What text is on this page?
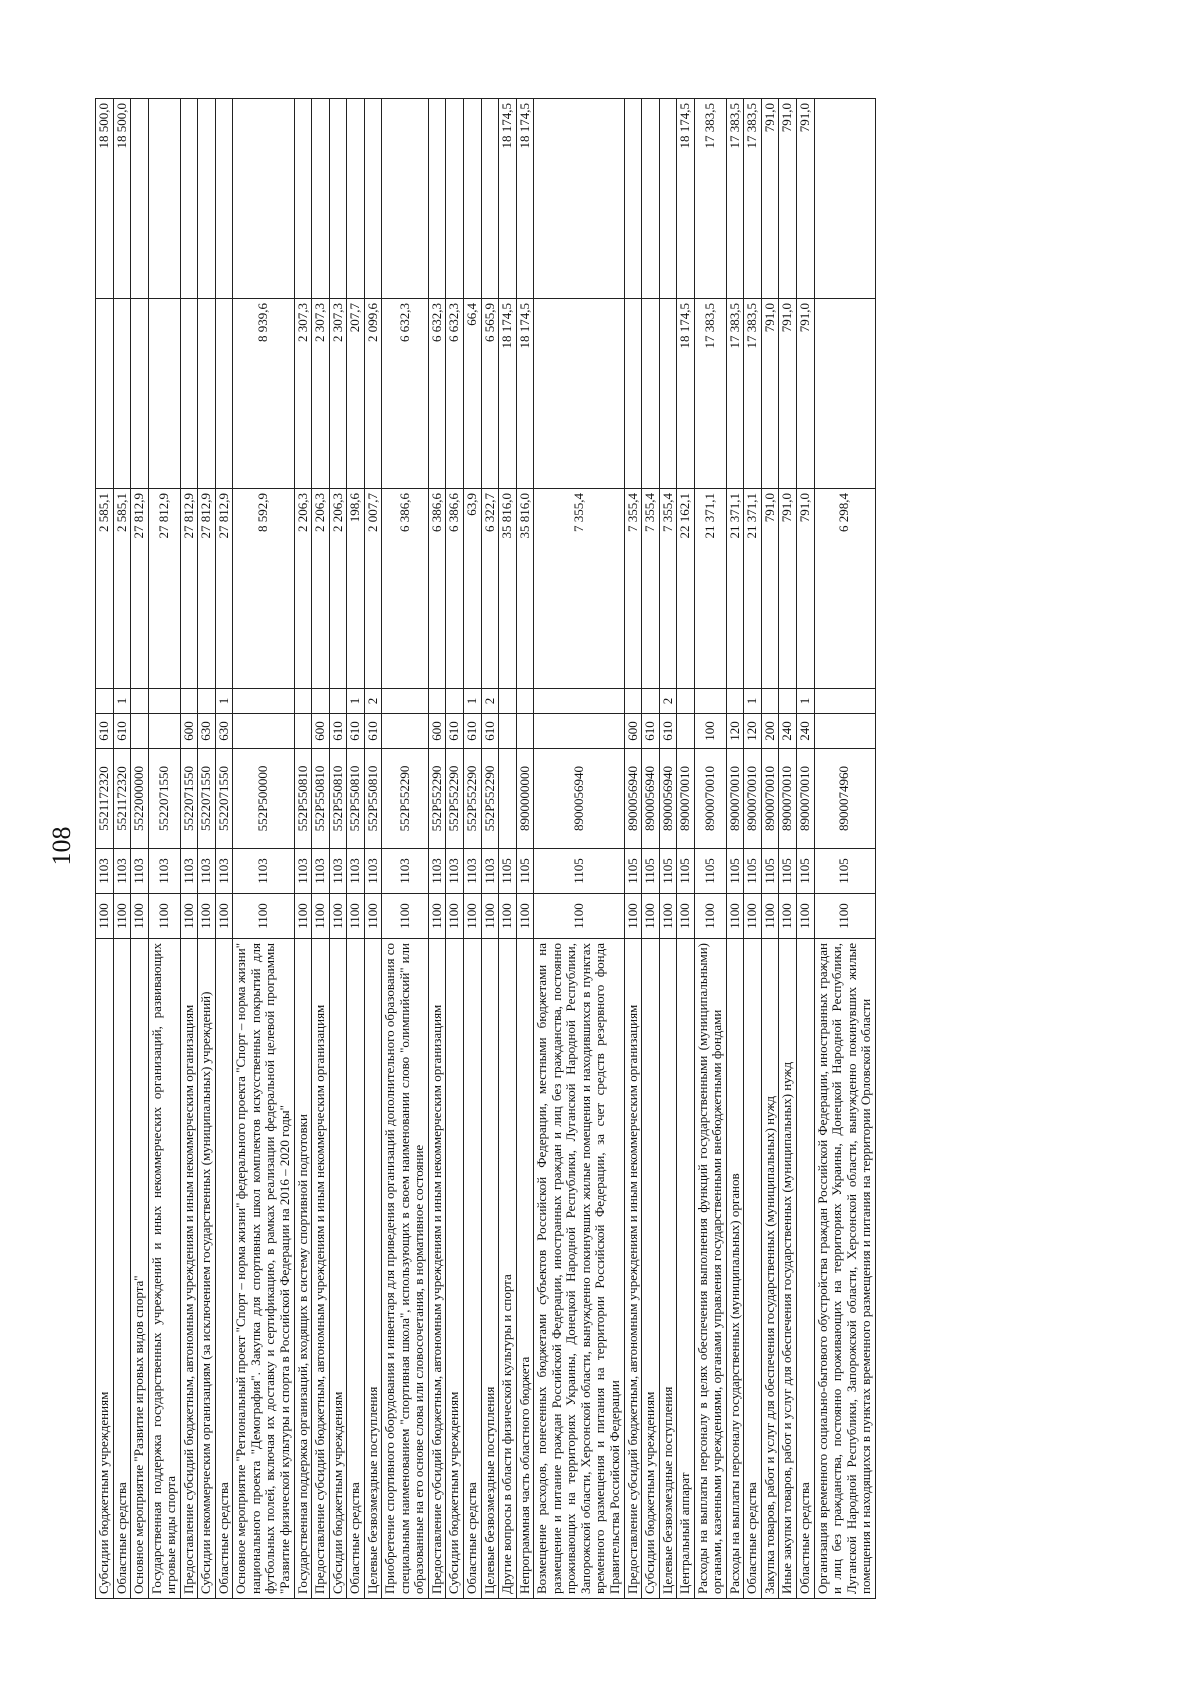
108
Субсидии бюджетным учреждениям	1100	1103	5521172320	610		2 585,1		18 500,0
Областные средства	1100	1103	5521172320	610	1	2 585,1		18 500,0
Основное мероприятие "Развитие игровых видов спорта"	1100	1103	5522000000			27 812,9		
Государственная поддержка государственных учреждений и иных некоммерческих организаций, развивающих игровые виды спорта	1100	1103	5522071550			27 812,9		
Предоставление субсидий бюджетным, автономным учреждениям и иным некоммерческим организациям	1100	1103	5522071550	600		27 812,9		
Субсидии некоммерческим организациям (за исключением государственных (муниципальных) учреждений)	1100	1103	5522071550	630		27 812,9		
Областные средства	1100	1103	5522071550	630	1	27 812,9		
Основное мероприятие "Региональный проект "Спорт – норма жизни" федерального проекта "Спорт – норма жизни" национального проекта "Демография". Закупка для спортивных школ комплектов искусственных покрытий для футбольных полей, включая их доставку и сертификацию, в рамках реализации федеральной целевой программы "Развитие физической культуры и спорта в Российской Федерации на 2016 – 2020 годы"	1100	1103	552P500000			8 592,9	8 939,6	
Государственная поддержка организаций, входящих в систему спортивной подготовки	1100	1103	552P550810			2 206,3	2 307,3	
Предоставление субсидий бюджетным, автономным учреждениям и иным некоммерческим организациям	1100	1103	552P550810	600		2 206,3	2 307,3	
Субсидии бюджетным учреждениям	1100	1103	552P550810	610		2 206,3	2 307,3	
Областные средства	1100	1103	552P550810	610	1	198,6	207,7	
Целевые безвозмездные поступления	1100	1103	552P550810	610	2	2 007,7	2 099,6	
Приобретение спортивного оборудования и инвентаря для приведения организаций дополнительного образования со специальным наименованием "спортивная школа", использующих в своем наименовании слово "олимпийский" или образованные на его основе слова или словосочетания, в нормативное состояние	1100	1103	552P552290			6 386,6	6 632,3	
Предоставление субсидий бюджетным, автономным учреждениям и иным некоммерческим организациям	1100	1103	552P552290	600		6 386,6	6 632,3	
Субсидии бюджетным учреждениям	1100	1103	552P552290	610		6 386,6	6 632,3	
Областные средства	1100	1103	552P552290	610	1	63,9	66,4	
Целевые безвозмездные поступления	1100	1103	552P552290	610	2	6 322,7	6 565,9	
Другие вопросы в области физической культуры и спорта	1100	1105				35 816,0	18 174,5	18 174,5
Непрограммная часть областного бюджета	1100	1105	8900000000			35 816,0	18 174,5	18 174,5
Возмещение расходов, понесенных бюджетами субъектов Российской Федерации, местными бюджетами на размещение и питание граждан Российской Федерации, иностранных граждан и лиц без гражданства, постоянно проживающих на территориях Украины, Донецкой Народной Республики, Луганской Народной Республики, Запорожской области, Херсонской области, вынужденно покинувших жилые помещения и находившихся в пунктах временного размещения и питания на территории Российской Федерации, за счет средств резервного фонда Правительства Российской Федерации	1100	1105	8900056940			7 355,4		
Предоставление субсидий бюджетным, автономным учреждениям и иным некоммерческим организациям	1100	1105	8900056940	600		7 355,4		
Субсидии бюджетным учреждениям	1100	1105	8900056940	610		7 355,4		
Целевые безвозмездные поступления	1100	1105	8900056940	610	2	7 355,4		
Центральный аппарат	1100	1105	8900070010			22 162,1	18 174,5	18 174,5
Расходы на выплаты персоналу в целях обеспечения выполнения функций государственными (муниципальными) органами, казенными учреждениями, органами управления государственными внебюджетными фондами	1100	1105	8900070010	100		21 371,1	17 383,5	17 383,5
Расходы на выплаты персоналу государственных (муниципальных) органов	1100	1105	8900070010	120		21 371,1	17 383,5	17 383,5
Областные средства	1100	1105	8900070010	120	1	21 371,1	17 383,5	17 383,5
Закупка товаров, работ и услуг для обеспечения государственных (муниципальных) нужд	1100	1105	8900070010	200		791,0	791,0	791,0
Иные закупки товаров, работ и услуг для обеспечения государственных (муниципальных) нужд	1100	1105	8900070010	240		791,0	791,0	791,0
Областные средства	1100	1105	8900070010	240	1	791,0	791,0	791,0
Организация временного социально-бытового обустройства граждан Российской Федерации, иностранных граждан и лиц без гражданства, постоянно проживающих на территориях Украины, Донецкой Народной Республики, Луганской Народной Республики, Запорожской области, Херсонской области, вынужденно покинувших жилые помещения и находящихся в пунктах временного размещения и питания на территории Орловской области	1100	1105	8900074960			6 298,4		
